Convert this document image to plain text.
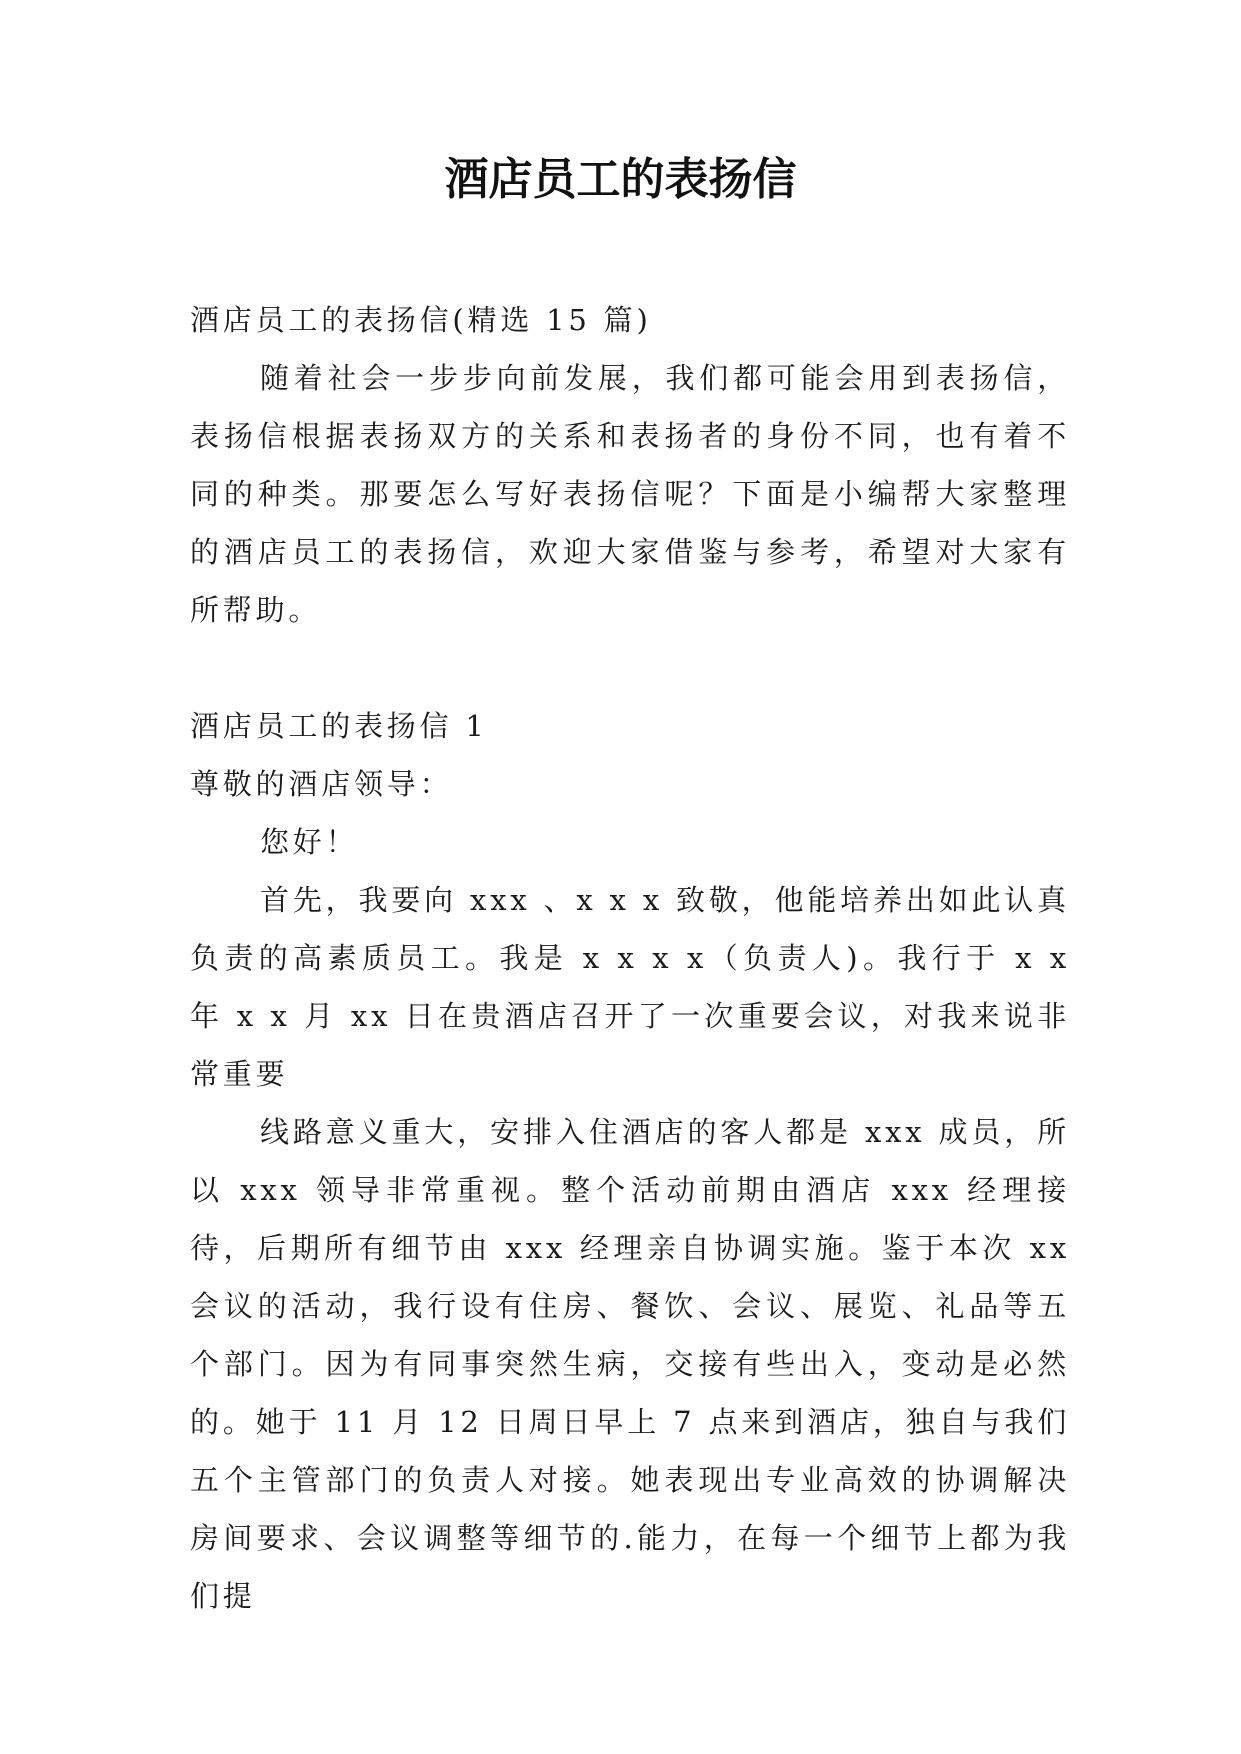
酒店员工的表扬信

酒店员工的表扬信(精选 15 篇)

随着社会一步步向前发展，我们都可能会用到表扬信，表扬信根据表扬双方的关系和表扬者的身份不同，也有着不同的种类。那要怎么写好表扬信呢？下面是小编帮大家整理的酒店员工的表扬信，欢迎大家借鉴与参考，希望对大家有所帮助。

酒店员工的表扬信 1

尊敬的酒店领导：

您好！

首先，我要向 xxx 、x x x 致敬，他能培养出如此认真负责的高素质员工。我是 x x x x（负责人)。我行于 x x 年 x x 月 xx 日在贵酒店召开了一次重要会议，对我来说非常重要

线路意义重大，安排入住酒店的客人都是 xxx 成员，所以 xxx 领导非常重视。整个活动前期由酒店 xxx 经理接待，后期所有细节由 xxx 经理亲自协调实施。鉴于本次 xx 会议的活动，我行设有住房、餐饮、会议、展览、礼品等五个部门。因为有同事突然生病，交接有些出入，变动是必然的。她于 11 月 12 日周日早上 7 点来到酒店，独自与我们五个主管部门的负责人对接。她表现出专业高效的协调解决房间要求、会议调整等细节的.能力，在每一个细节上都为我们提
